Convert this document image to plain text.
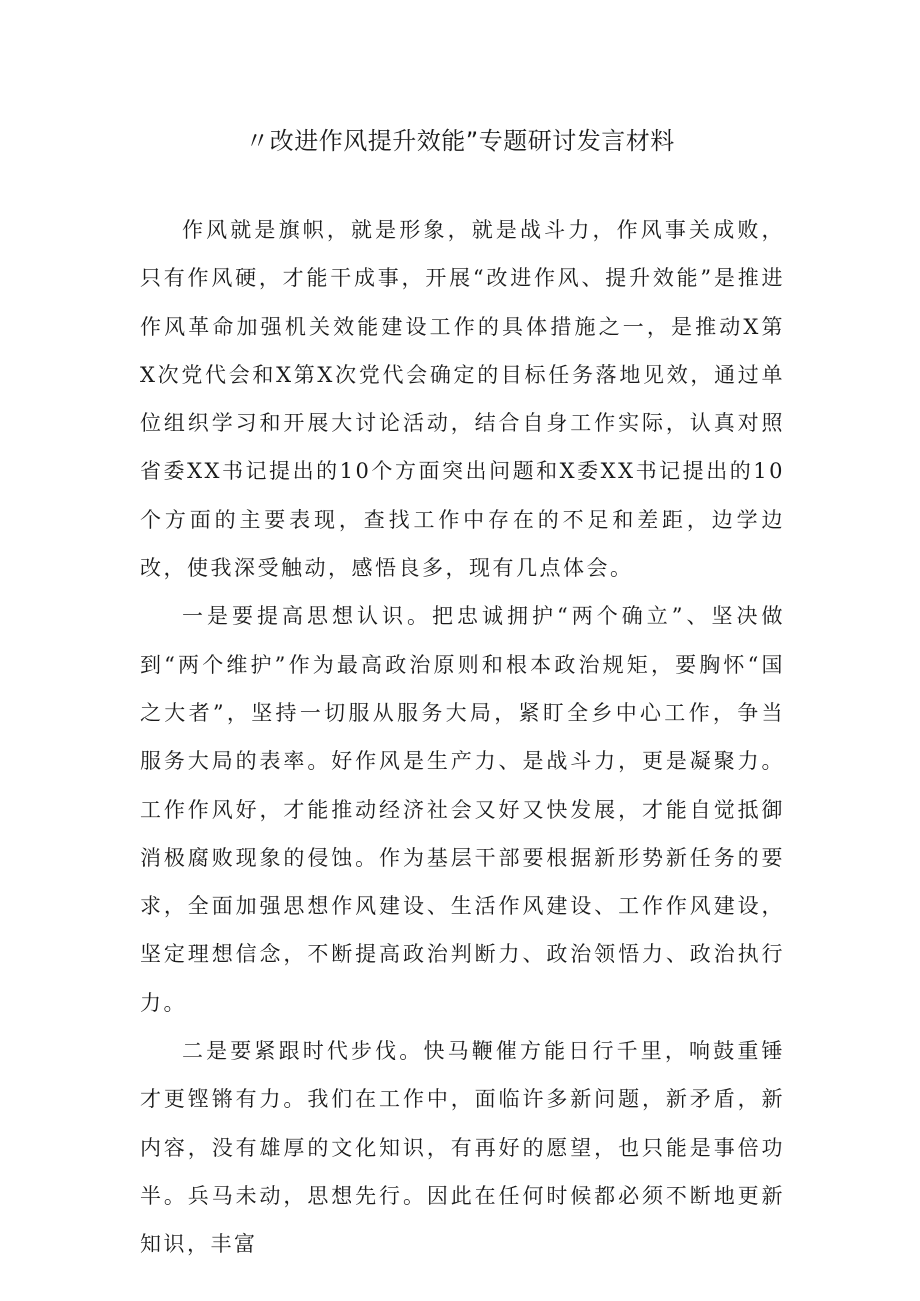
〃改进作风提升效能”专题研讨发言材料

作风就是旗帜，就是形象，就是战斗力，作风事关成败，只有作风硬，才能干成事，开展“改进作风、提升效能”是推进作风革命加强机关效能建设工作的具体措施之一，是推动X第X次党代会和X第X次党代会确定的目标任务落地见效，通过单位组织学习和开展大讨论活动，结合自身工作实际，认真对照省委XX书记提出的10个方面突出问题和X委XX书记提出的10个方面的主要表现，查找工作中存在的不足和差距，边学边改，使我深受触动，感悟良多，现有几点体会。

一是要提高思想认识。把忠诚拥护“两个确立”、坚决做到“两个维护”作为最高政治原则和根本政治规矩，要胸怀“国之大者”，坚持一切服从服务大局，紧盯全乡中心工作，争当服务大局的表率。好作风是生产力、是战斗力，更是凝聚力。工作作风好，才能推动经济社会又好又快发展，才能自觉抵御消极腐败现象的侵蚀。作为基层干部要根据新形势新任务的要求，全面加强思想作风建设、生活作风建设、工作作风建设，坚定理想信念，不断提高政治判断力、政治领悟力、政治执行力。

二是要紧跟时代步伐。快马鞭催方能日行千里，响鼓重锤才更铿锵有力。我们在工作中，面临许多新问题，新矛盾，新内容，没有雄厚的文化知识，有再好的愿望，也只能是事倍功半。兵马未动，思想先行。因此在任何时候都必须不断地更新知识，丰富
